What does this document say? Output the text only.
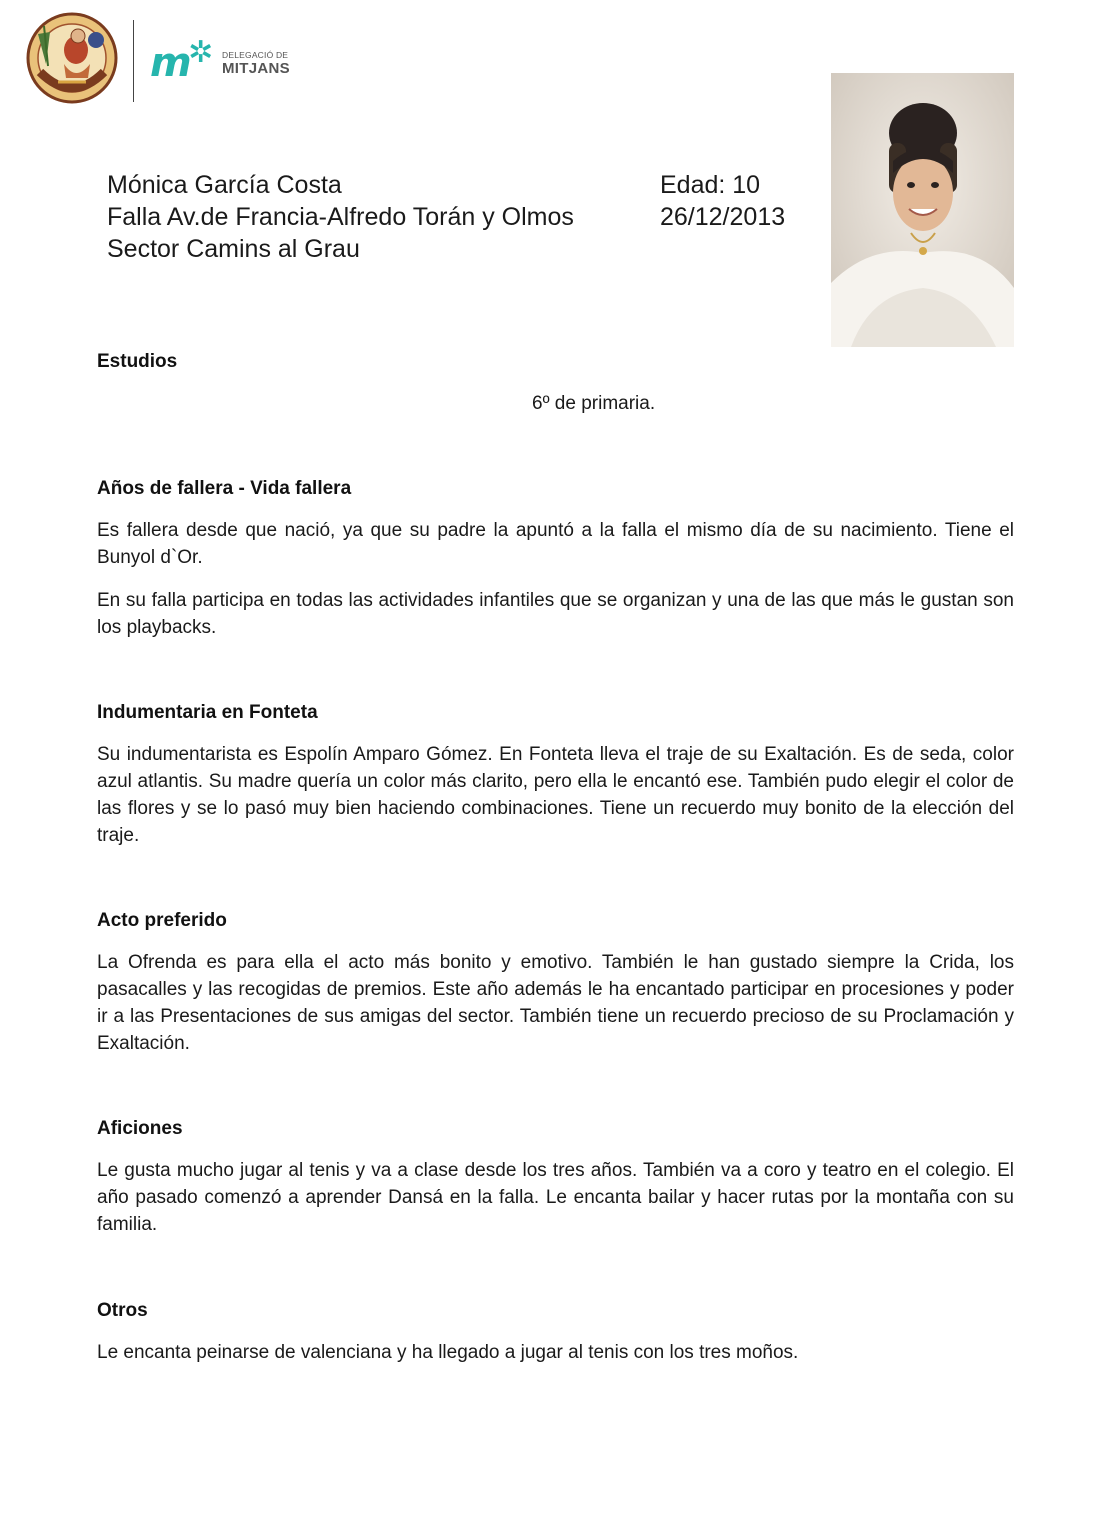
m
✲ DELEGACIÓ DE
MITJANS
Mónica García Costa
Falla Av.de Francia-Alfredo Torán y Olmos
Sector Camins al Grau
Edad: 10
26/12/2013
Estudios
6º de primaria.
Años de fallera - Vida fallera
Es fallera desde que nació, ya que su padre la apuntó a la falla el mismo día de su nacimiento. Tiene el Bunyol d`Or.
En su falla participa en todas las actividades infantiles que se organizan y una de las que más le gustan son los playbacks.
Indumentaria en Fonteta
Su indumentarista es Espolín Amparo Gómez. En Fonteta lleva el traje de su Exaltación. Es de seda, color azul atlantis. Su madre quería un color más clarito, pero ella le encantó ese. También pudo elegir el color de las flores y se lo pasó muy bien haciendo combinaciones. Tiene un recuerdo muy bonito de la elección del traje.
Acto preferido
La Ofrenda es para ella el acto más bonito y emotivo. También le han gustado siempre la Crida, los pasacalles y las recogidas de premios. Este año además le ha encantado participar en procesiones y poder ir a las Presentaciones de sus amigas del sector. También tiene un recuerdo precioso de su Proclamación y Exaltación.
Aficiones
Le gusta mucho jugar al tenis y va a clase desde los tres años. También va a coro y teatro en el colegio. El año pasado comenzó a aprender Dansá en la falla. Le encanta bailar y hacer rutas por la montaña con su familia.
Otros
Le encanta peinarse de valenciana y ha llegado a jugar al tenis con los tres moños.
